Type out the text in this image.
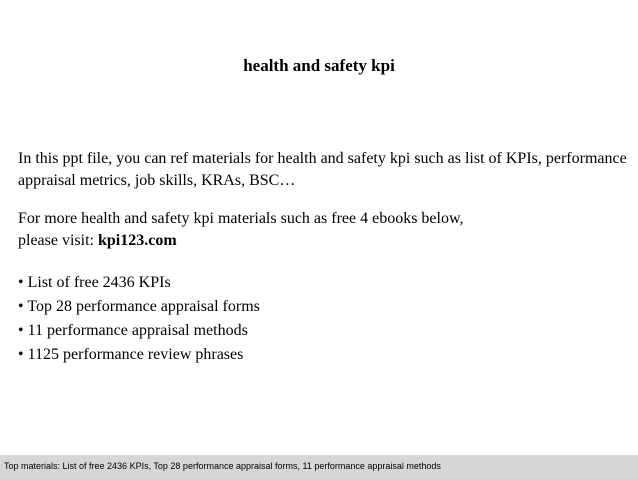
health and safety kpi
In this ppt file, you can ref materials for health and safety kpi such as list of KPIs, performance appraisal metrics, job skills, KRAs, BSC…
For more health and safety kpi materials such as free 4 ebooks below,
please visit: kpi123.com
• List of free 2436 KPIs
• Top 28 performance appraisal forms
• 11 performance appraisal methods
• 1125 performance review phrases
Top materials: List of free 2436 KPIs, Top 28 performance appraisal forms, 11 performance appraisal methods
